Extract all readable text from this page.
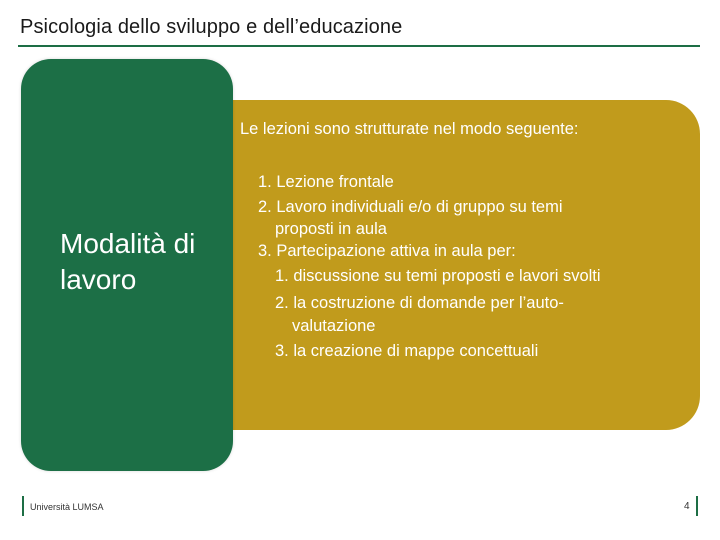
Psicologia dello sviluppo e dell’educazione
Modalità di lavoro
Le lezioni sono strutturate nel modo seguente:
1. Lezione frontale
2. Lavoro individuali e/o di gruppo su temi
proposti in aula
3. Partecipazione attiva in aula per:
1. discussione su temi proposti e lavori svolti
2. la costruzione di domande per l’auto-
valutazione
3. la creazione di mappe concettuali
Università LUMSA	4
